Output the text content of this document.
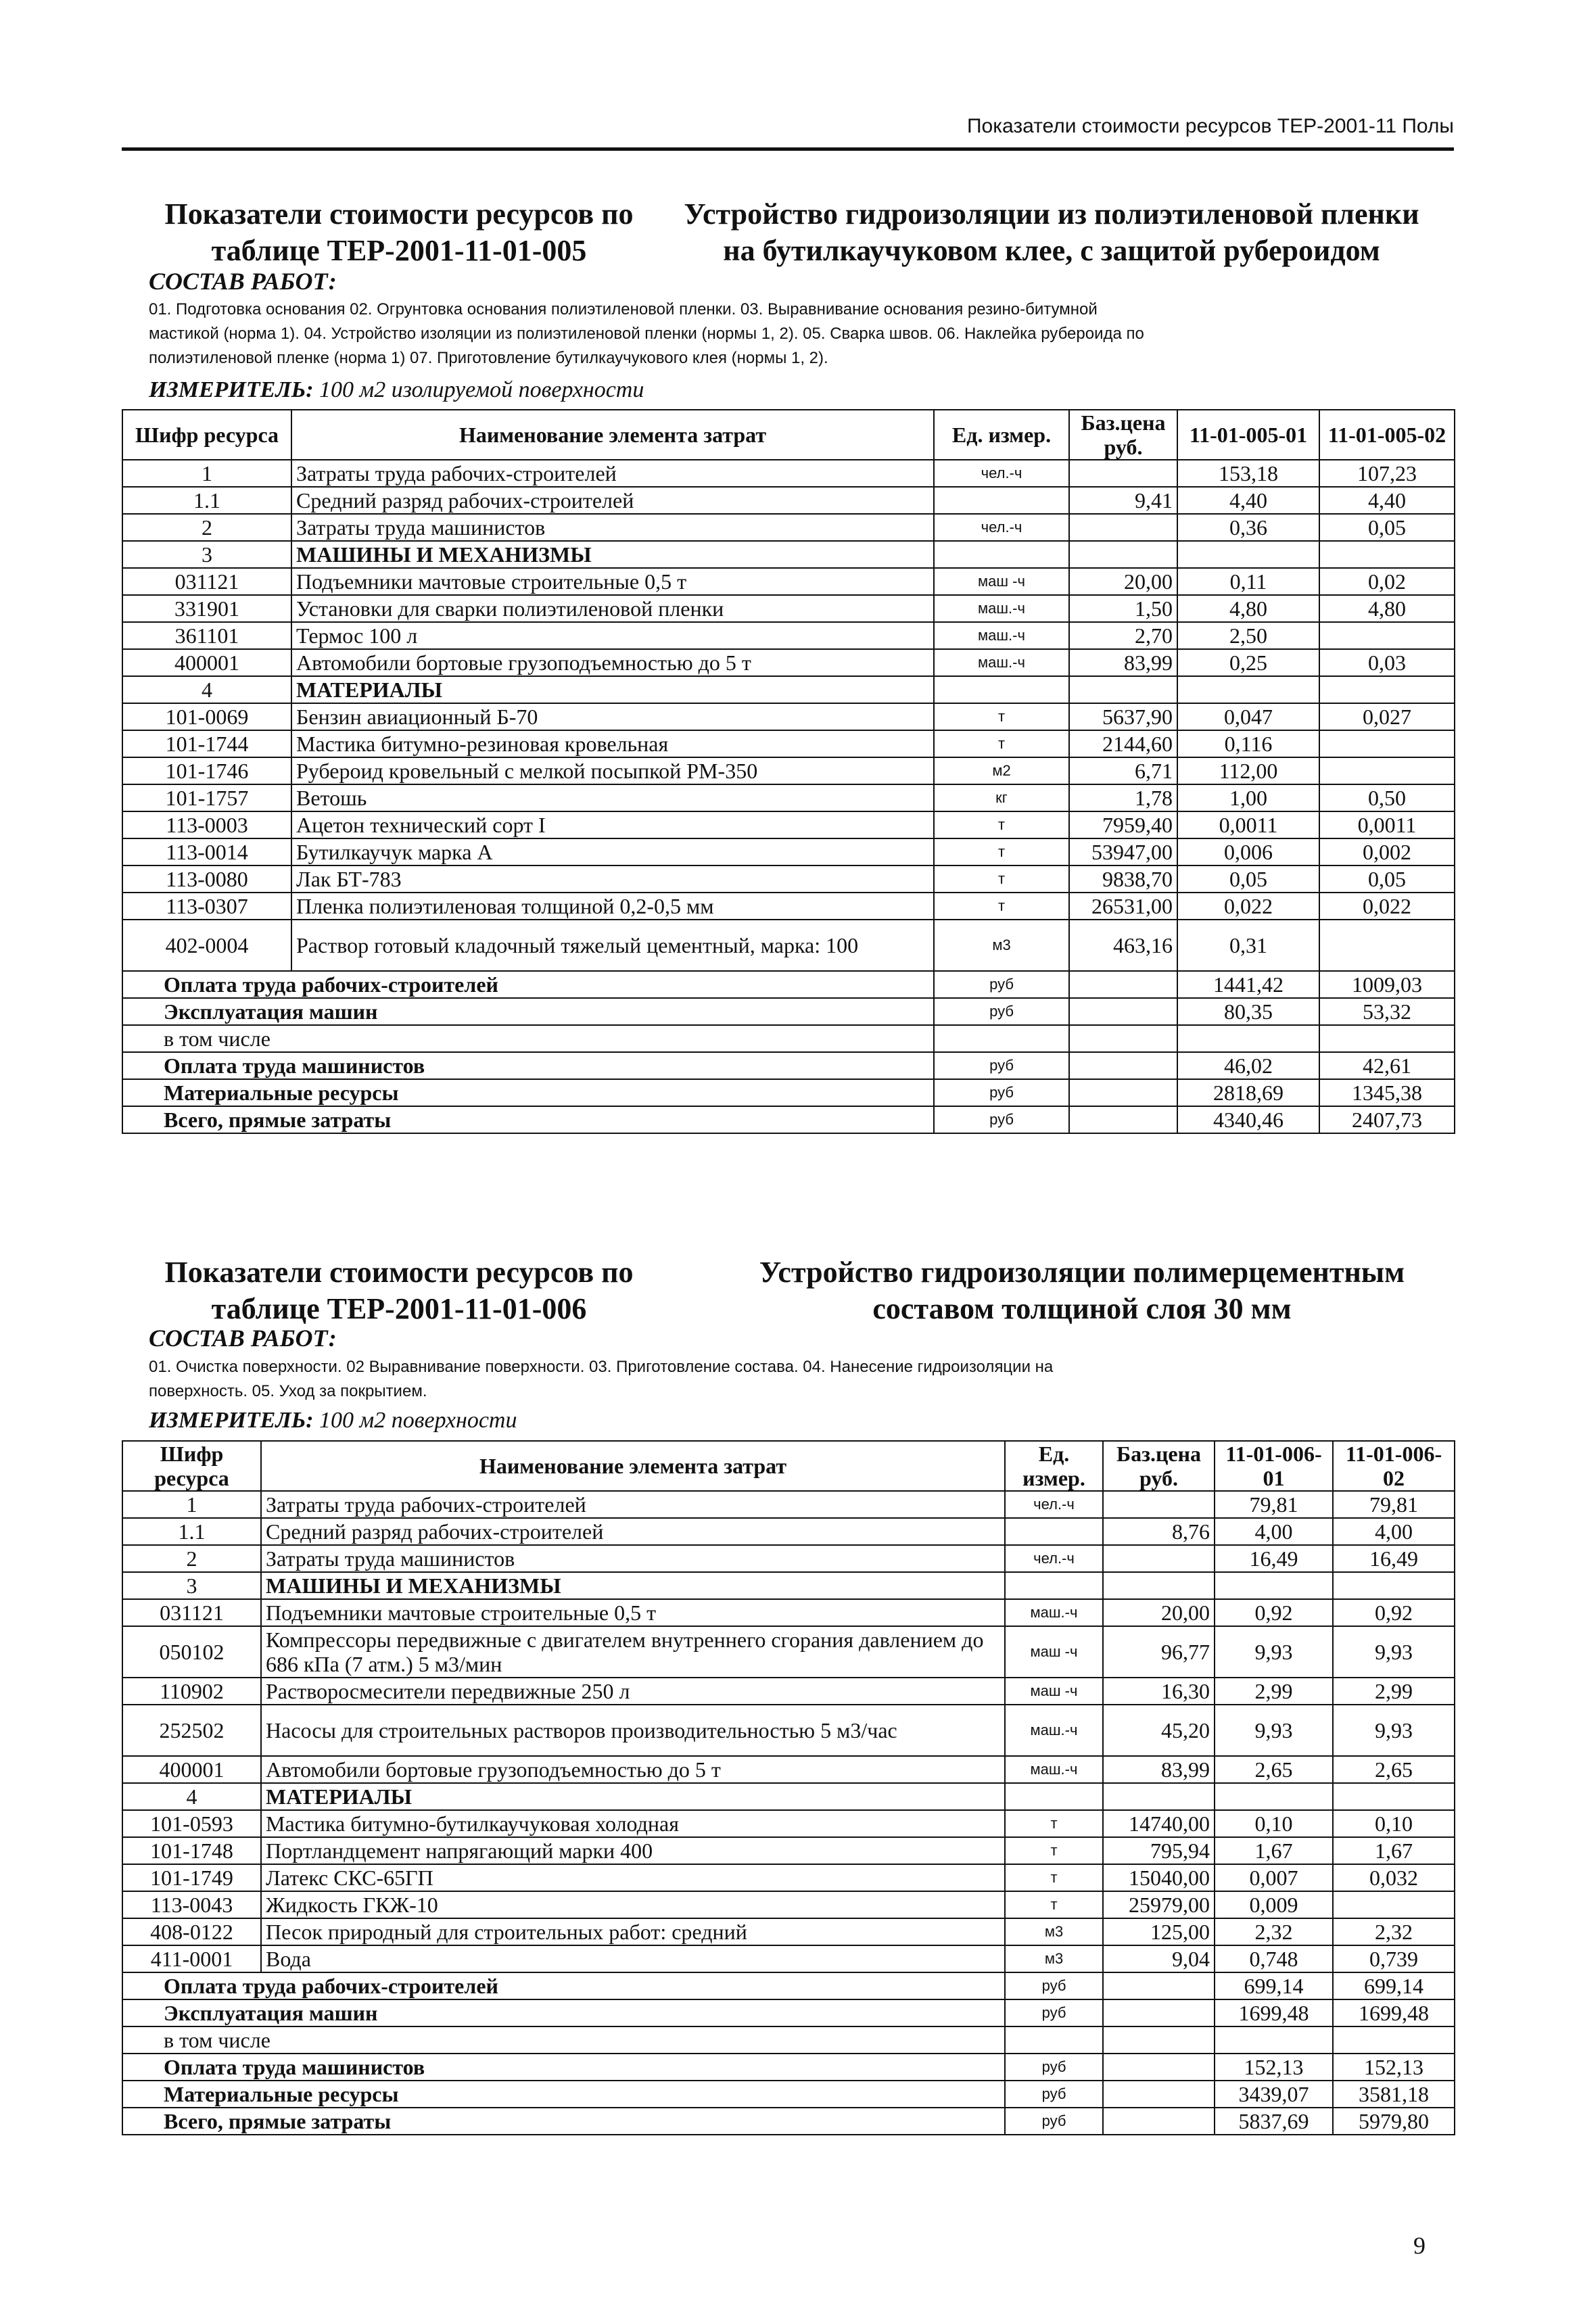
Показатели стоимости ресурсов ТЕР-2001-11 Полы
Показатели стоимости ресурсов по
таблице ТЕР-2001-11-01-005
Устройство гидроизоляции из полиэтиленовой пленки
на бутилкаучуковом клее, с защитой рубероидом
СОСТАВ РАБОТ:
01. Подготовка основания 02. Огрунтовка основания полиэтиленовой пленки. 03. Выравнивание основания резино-битумной
мастикой (норма 1). 04. Устройство изоляции из полиэтиленовой пленки (нормы 1, 2). 05. Сварка швов. 06. Наклейка рубероида по
полиэтиленовой пленке (норма 1) 07. Приготовление бутилкаучукового клея (нормы 1, 2).
ИЗМЕРИТЕЛЬ: 100 м2 изолируемой поверхности
Шифр ресурса	Наименование элемента затрат	Ед. измер.	Баз.цена руб.	11-01-005-01	11-01-005-02
1	Затраты труда рабочих-строителей	чел.-ч		153,18	107,23
1.1	Средний разряд рабочих-строителей		9,41	4,40	4,40
2	Затраты труда машинистов	чел.-ч		0,36	0,05
3	МАШИНЫ И МЕХАНИЗМЫ				
031121	Подъемники мачтовые строительные 0,5 т	маш -ч	20,00	0,11	0,02
331901	Установки для сварки полиэтиленовой пленки	маш.-ч	1,50	4,80	4,80
361101	Термос 100 л	маш.-ч	2,70	2,50	
400001	Автомобили бортовые грузоподъемностью до 5 т	маш.-ч	83,99	0,25	0,03
4	МАТЕРИАЛЫ				
101-0069	Бензин авиационный Б-70	т	5637,90	0,047	0,027
101-1744	Мастика битумно-резиновая кровельная	т	2144,60	0,116	
101-1746	Рубероид кровельный с мелкой посыпкой РМ-350	м2	6,71	112,00	
101-1757	Ветошь	кг	1,78	1,00	0,50
113-0003	Ацетон технический сорт I	т	7959,40	0,0011	0,0011
113-0014	Бутилкаучук марка А	т	53947,00	0,006	0,002
113-0080	Лак БТ-783	т	9838,70	0,05	0,05
113-0307	Пленка полиэтиленовая толщиной 0,2-0,5 мм	т	26531,00	0,022	0,022
402-0004	Раствор готовый кладочный тяжелый цементный, марка: 100	м3	463,16	0,31	
Оплата труда рабочих-строителей		руб		1441,42	1009,03
Эксплуатация машин		руб		80,35	53,32
в том числе					
Оплата труда машинистов		руб		46,02	42,61
Материальные ресурсы		руб		2818,69	1345,38
Всего, прямые затраты		руб		4340,46	2407,73
Показатели стоимости ресурсов по
таблице ТЕР-2001-11-01-006
Устройство гидроизоляции полимерцементным
составом толщиной слоя 30 мм
СОСТАВ РАБОТ:
01. Очистка поверхности. 02 Выравнивание поверхности. 03. Приготовление состава. 04. Нанесение гидроизоляции на
поверхность. 05. Уход за покрытием.
ИЗМЕРИТЕЛЬ: 100 м2 поверхности
Шифр ресурса	Наименование элемента затрат	Ед. измер.	Баз.цена руб.	11-01-006-01	11-01-006-02
1	Затраты труда рабочих-строителей	чел.-ч		79,81	79,81
1.1	Средний разряд рабочих-строителей		8,76	4,00	4,00
2	Затраты труда машинистов	чел.-ч		16,49	16,49
3	МАШИНЫ И МЕХАНИЗМЫ				
031121	Подъемники мачтовые строительные 0,5 т	маш.-ч	20,00	0,92	0,92
050102	Компрессоры передвижные с двигателем внутреннего сгорания давлением до 686 кПа (7 атм.) 5 м3/мин	маш -ч	96,77	9,93	9,93
110902	Растворосмесители передвижные 250 л	маш -ч	16,30	2,99	2,99
252502	Насосы для строительных растворов производительностью 5 м3/час	маш.-ч	45,20	9,93	9,93
400001	Автомобили бортовые грузоподъемностью до 5 т	маш.-ч	83,99	2,65	2,65
4	МАТЕРИАЛЫ				
101-0593	Мастика битумно-бутилкаучуковая холодная	т	14740,00	0,10	0,10
101-1748	Портландцемент напрягающий марки 400	т	795,94	1,67	1,67
101-1749	Латекс СКС-65ГП	т	15040,00	0,007	0,032
113-0043	Жидкость ГКЖ-10	т	25979,00	0,009	
408-0122	Песок природный для строительных работ: средний	м3	125,00	2,32	2,32
411-0001	Вода	м3	9,04	0,748	0,739
Оплата труда рабочих-строителей		руб		699,14	699,14
Эксплуатация машин		руб		1699,48	1699,48
в том числе					
Оплата труда машинистов		руб		152,13	152,13
Материальные ресурсы		руб		3439,07	3581,18
Всего, прямые затраты		руб		5837,69	5979,80
9
